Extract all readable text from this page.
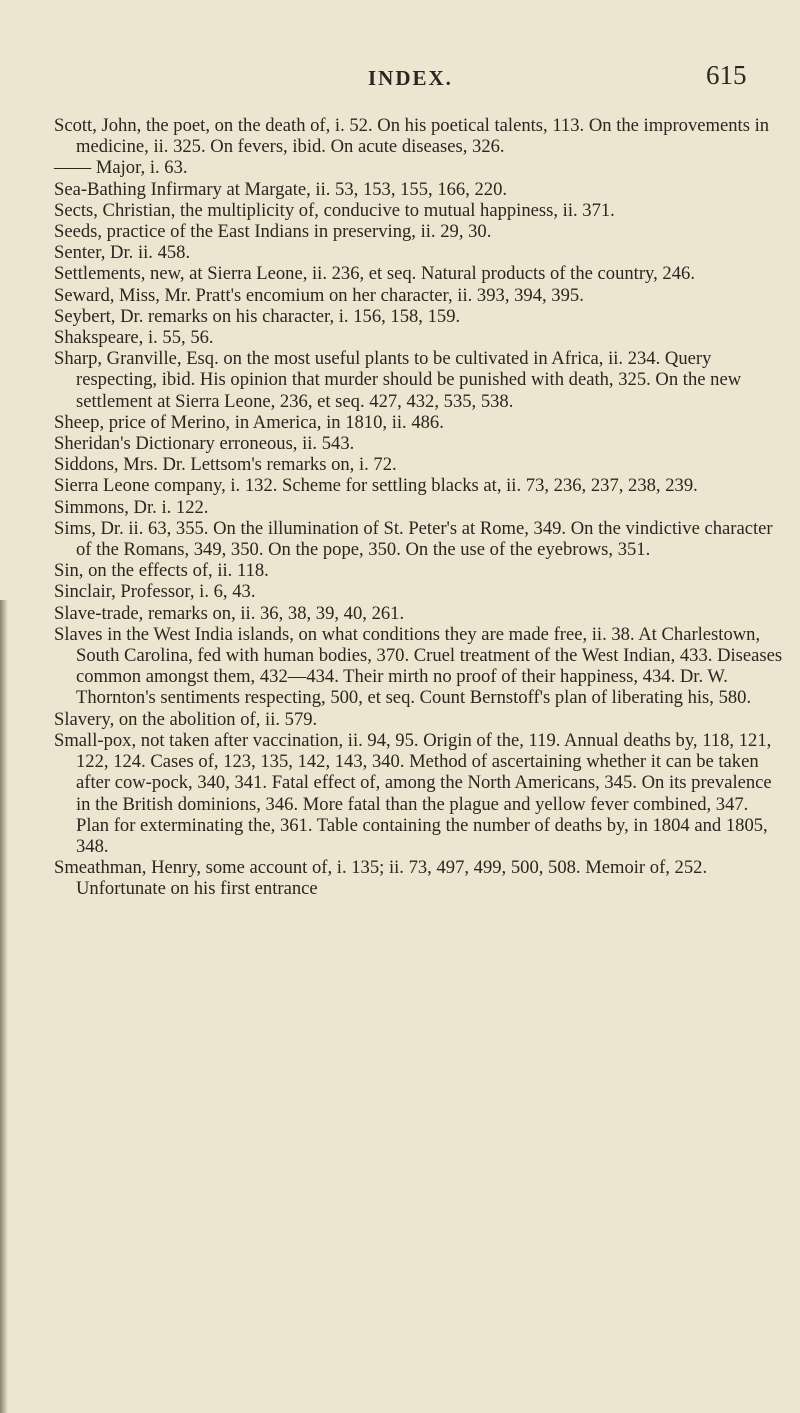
INDEX.	615

Scott, John, the poet, on the death of, i. 52. On his poetical talents, 113. On the improvements in medicine, ii. 325. On fevers, ibid. On acute diseases, 326.

—— Major, i. 63.

Sea-Bathing Infirmary at Margate, ii. 53, 153, 155, 166, 220.

Sects, Christian, the multiplicity of, conducive to mutual happiness, ii. 371.

Seeds, practice of the East Indians in preserving, ii. 29, 30.

Senter, Dr. ii. 458.

Settlements, new, at Sierra Leone, ii. 236, et seq. Natural products of the country, 246.

Seward, Miss, Mr. Pratt's encomium on her character, ii. 393, 394, 395.

Seybert, Dr. remarks on his character, i. 156, 158, 159.

Shakspeare, i. 55, 56.

Sharp, Granville, Esq. on the most useful plants to be cultivated in Africa, ii. 234. Query respecting, ibid. His opinion that murder should be punished with death, 325. On the new settlement at Sierra Leone, 236, et seq. 427, 432, 535, 538.

Sheep, price of Merino, in America, in 1810, ii. 486.

Sheridan's Dictionary erroneous, ii. 543.

Siddons, Mrs. Dr. Lettsom's remarks on, i. 72.

Sierra Leone company, i. 132. Scheme for settling blacks at, ii. 73, 236, 237, 238, 239.

Simmons, Dr. i. 122.

Sims, Dr. ii. 63, 355. On the illumination of St. Peter's at Rome, 349. On the vindictive character of the Romans, 349, 350. On the pope, 350. On the use of the eyebrows, 351.

Sin, on the effects of, ii. 118.

Sinclair, Professor, i. 6, 43.

Slave-trade, remarks on, ii. 36, 38, 39, 40, 261.

Slaves in the West India islands, on what conditions they are made free, ii. 38. At Charlestown, South Carolina, fed with human bodies, 370. Cruel treatment of the West Indian, 433. Diseases common amongst them, 432—434. Their mirth no proof of their happiness, 434. Dr. W. Thornton's sentiments respecting, 500, et seq. Count Bernstoff's plan of liberating his, 580.

Slavery, on the abolition of, ii. 579.

Small-pox, not taken after vaccination, ii. 94, 95. Origin of the, 119. Annual deaths by, 118, 121, 122, 124. Cases of, 123, 135, 142, 143, 340. Method of ascertaining whether it can be taken after cow-pock, 340, 341. Fatal effect of, among the North Americans, 345. On its prevalence in the British dominions, 346. More fatal than the plague and yellow fever combined, 347. Plan for exterminating the, 361. Table containing the number of deaths by, in 1804 and 1805, 348.

Smeathman, Henry, some account of, i. 135; ii. 73, 497, 499, 500, 508. Memoir of, 252. Unfortunate on his first entrance
